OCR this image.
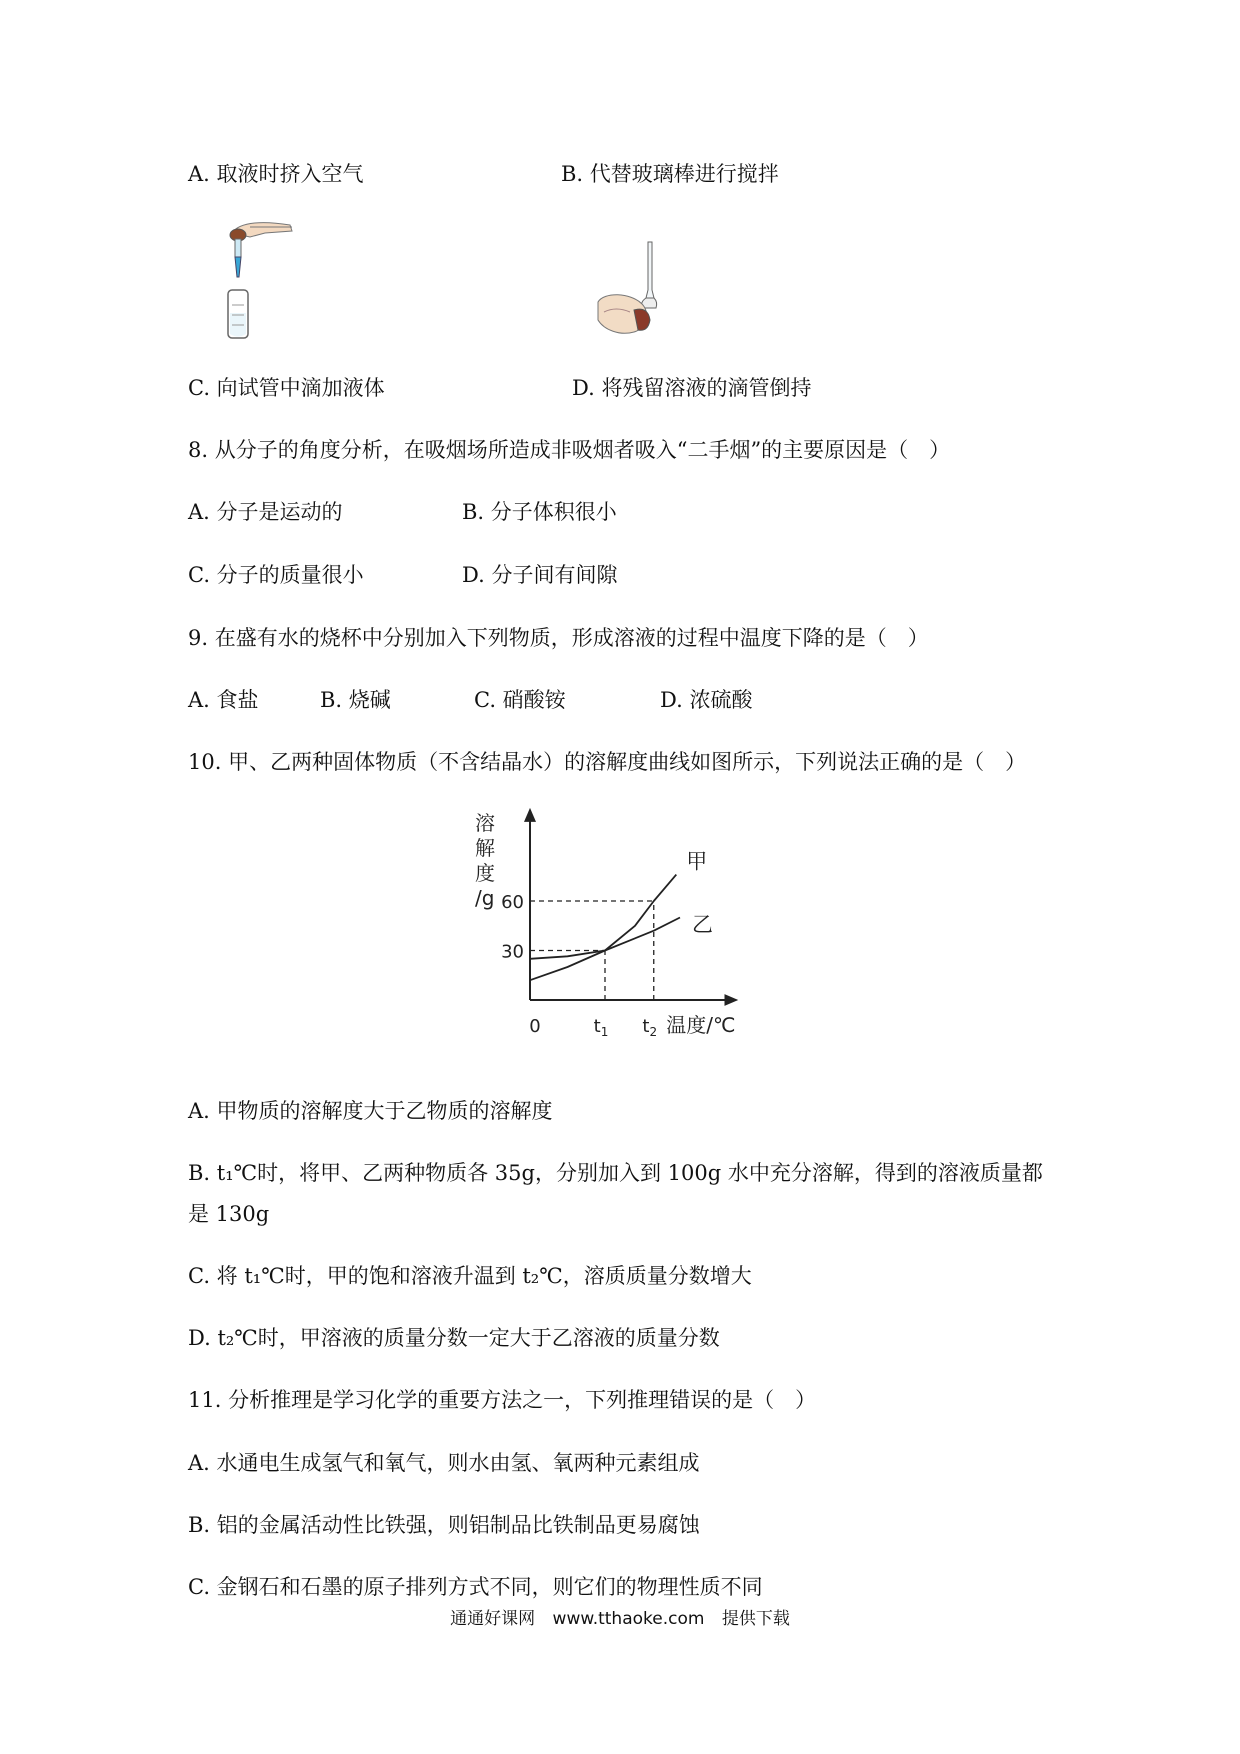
A. 取液时挤入空气	B. 代替玻璃棒进行搅拌
C. 向试管中滴加液体	D. 将残留溶液的滴管倒持
8. 从分子的角度分析，在吸烟场所造成非吸烟者吸入“二手烟”的主要原因是（　）
A. 分子是运动的	B. 分子体积很小
C. 分子的质量很小	D. 分子间有间隙
9. 在盛有水的烧杯中分别加入下列物质，形成溶液的过程中温度下降的是（　）
A. 食盐	B. 烧碱	C. 硝酸铵	D. 浓硫酸
10. 甲、乙两种固体物质（不含结晶水）的溶解度曲线如图所示，下列说法正确的是（　）
溶
解
度
/g
30
60
$t_1$ $t_2$
甲
乙
0	温度/℃
A. 甲物质的溶解度大于乙物质的溶解度
B. t₁℃时，将甲、乙两种物质各 35g，分别加入到 100g 水中充分溶解，得到的溶液质量都
是 130g
C. 将 t₁℃时，甲的饱和溶液升温到 t₂℃，溶质质量分数增大
D. t₂℃时，甲溶液的质量分数一定大于乙溶液的质量分数
11. 分析推理是学习化学的重要方法之一，下列推理错误的是（　）
A. 水通电生成氢气和氧气，则水由氢、氧两种元素组成
B. 铝的金属活动性比铁强，则铝制品比铁制品更易腐蚀
C. 金钢石和石墨的原子排列方式不同，则它们的物理性质不同
通通好课网 www.tthaoke.com 提供下载
